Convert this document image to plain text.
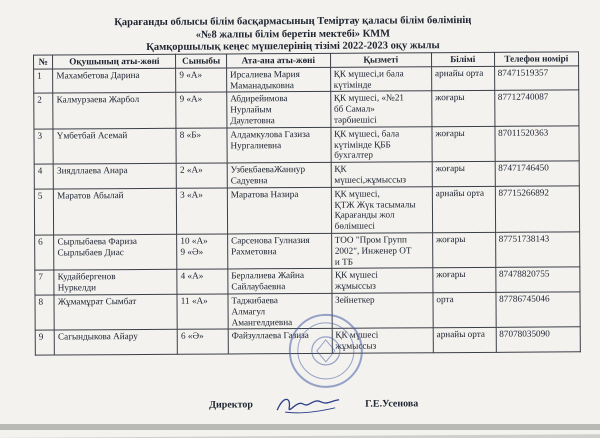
Қарағанды облысы білім басқармасының Теміртау қаласы білім бөлімінің
«№8 жалпы білім беретін мектебі» КММ
Қамқоршылық кеңес мүшелерінің тізімі 2022-2023 оқу жылы
№	Оқушының аты-жөні	Сыныбы	Ата-ана аты-жөні	Қызметі	Білімі	Телефон номірі
1	Махамбетова Дарина	9 «А»	Ирсалиева Мария
Маманадыковна	ҚК мүшесі,и бала
күтімінде	арнайы орта	87471519357
2	Калмурзаева Жарбол	9 «А»	Абдирейимова
Нурлайым
Даулетовна	ҚК мүшесі, «№21
бб Самал»
тәрбиешісі	жоғары	87712740087
3	Үмбетбай Асемай	8 «Б»	Алдамкулова Газиза
Нургалиевна	ҚК мүшесі, бала
күтімінде ҚББ
бухгалтер	жоғары	87011520363
4	Зиядллаева Анара	2 «А»	УзбекбаеваЖаннур
Садуевна	ҚК
мүшесі,жұмыссыз	жоғары	87471746450
5	Маратов Абылай	3 «А»	Маратова Назира	ҚК мүшесі,
ҚТЖ Жүк тасымалы
Қарағанды жол
бөлімшесі	арнайы орта	87715266892
6	Сырлыбаева Фариза
Сырлыбаев Диас	10 «А»
9 «Ә»	Сарсенова Гулназия
Рахметовна	ТОО "Пром Групп
2002", Инженер ОТ
и ТБ	жоғары	87751738143
7	Кудайбергенов
Нуркелди	4 «А»	Берлалиева Жайна
Сайлаубаевна	ҚК мүшесі
жұмыссыз	жоғары	87478820755
8	Жұмамұрат Сымбат	11 «А»	Таджибаева
Алмагул
Амангелдиевна	Зейнеткер	орта	87786745046
9	Сагындыкова Айару	6 «Ә»	Файзуллаева Газиза	ҚК мүшесі
жұмыссыз	арнайы орта	87078035090
Директор	Г.Е.Усенова
